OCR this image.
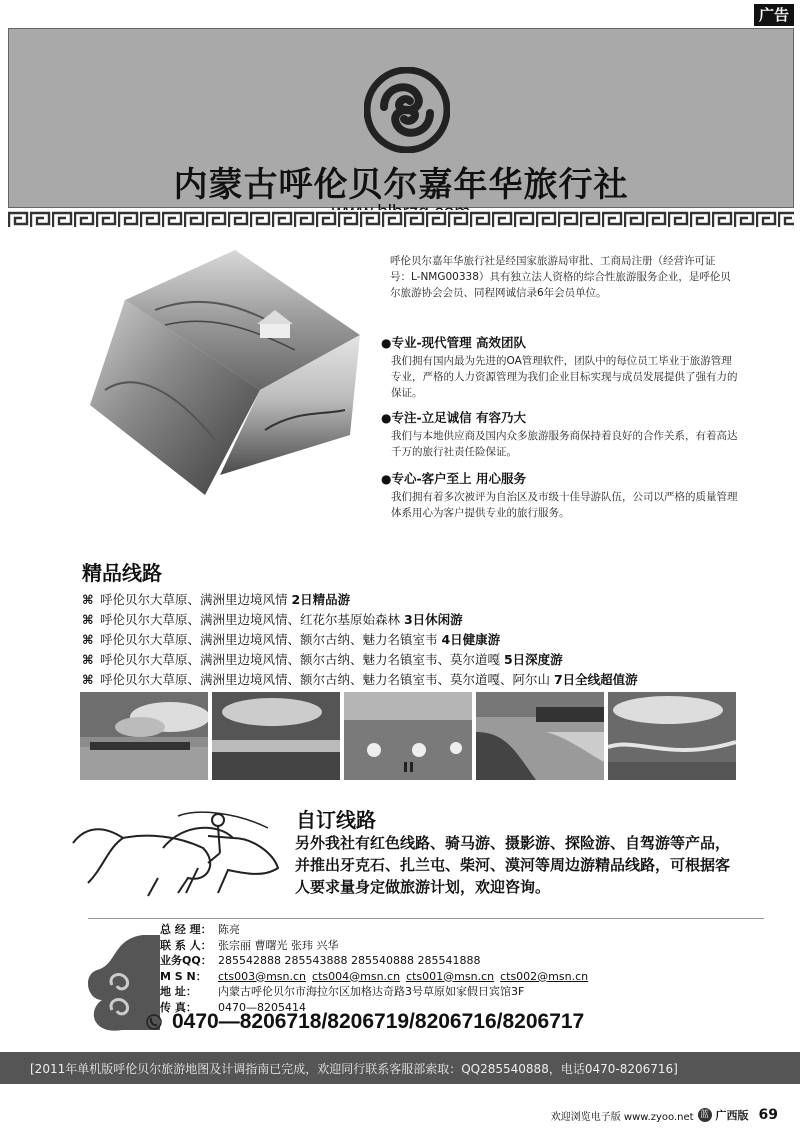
广告
内蒙古呼伦贝尔嘉年华旅行社
呼伦贝尔嘉年华旅行社是经国家旅游局审批、工商局注册（经营许可证号：L-NMG00338）具有独立法人资格的综合性旅游服务企业，是呼伦贝尔旅游协会会员、同程网诚信录6年会员单位。
●专业-现代管理 高效团队
我们拥有国内最为先进的OA管理软件，团队中的每位员工毕业于旅游管理专业，严格的人力资源管理为我们企业目标实现与成员发展提供了强有力的保证。
●专注-立足诚信 有容乃大
我们与本地供应商及国内众多旅游服务商保持着良好的合作关系，有着高达千万的旅行社责任险保证。
●专心-客户至上 用心服务
我们拥有着多次被评为自治区及市级十佳导游队伍，公司以严格的质量管理体系用心为客户提供专业的旅行服务。
精品线路
⌘ 呼伦贝尔大草原、满洲里边境风情 2日精品游
⌘ 呼伦贝尔大草原、满洲里边境风情、红花尔基原始森林 3日休闲游
⌘ 呼伦贝尔大草原、满洲里边境风情、额尔古纳、魅力名镇室韦 4日健康游
⌘ 呼伦贝尔大草原、满洲里边境风情、额尔古纳、魅力名镇室韦、莫尔道嘎 5日深度游
⌘ 呼伦贝尔大草原、满洲里边境风情、额尔古纳、魅力名镇室韦、莫尔道嘎、阿尔山 7日全线超值游
自订线路
另外我社有红色线路、骑马游、摄影游、探险游、自驾游等产品，并推出牙克石、扎兰屯、柴河、漠河等周边游精品线路，可根据客人要求量身定做旅游计划，欢迎咨询。
总 经 理： 陈亮
联 系 人： 张宗丽 曹曙光 张玮 兴华
业务QQ： 285542888 285543888 285540888 285541888
M S N：	cts003@msn.cn cts004@msn.cn cts001@msn.cn cts002@msn.cn
地 址：	内蒙古呼伦贝尔市海拉尔区加格达奇路3号草原如家假日宾馆3F
传 真：	0470—8205414
0470—8206718/8206719/8206716/8206717
[2011年单机版呼伦贝尔旅游地图及计调指南已完成，欢迎同行联系客服部索取：QQ285540888，电话0470-8206716]
欢迎浏览电子版 www.zyoo.net 蓝 广西版 69
